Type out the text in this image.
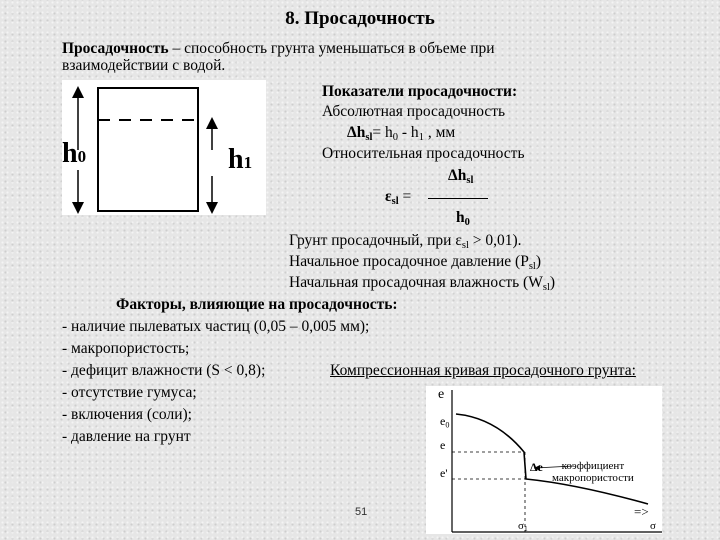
8. Просадочность
Просадочность – способность грунта уменьшаться в объеме при
взаимодействии с водой.
h0	h1
Показатели просадочности:
Абсолютная просадочность
$\Delta h_{sl}= h_0 - h_1$ , мм
Относительная просадочность
$\Delta h_{sl}$
$\varepsilon_{sl}$ =
$h_0$
Грунт просадочный, при $\varepsilon_{sl} > 0,01$).
Начальное просадочное давление $(P_{sl})$
Начальная просадочная влажность $(W_{sl})$
Факторы, влияющие на просадочность:
- наличие пылеватых частиц (0,05 – 0,005 мм);
- макропористость;
- дефицит влажности (S < 0,8);
- отсутствие гумуса;
- включения (соли);
- давление на грунт
Компрессионная кривая просадочного грунта:
e
$e_0$
e
e'	Δe	коэффициент
макропористости
=>
$\sigma_1$	σ
51
